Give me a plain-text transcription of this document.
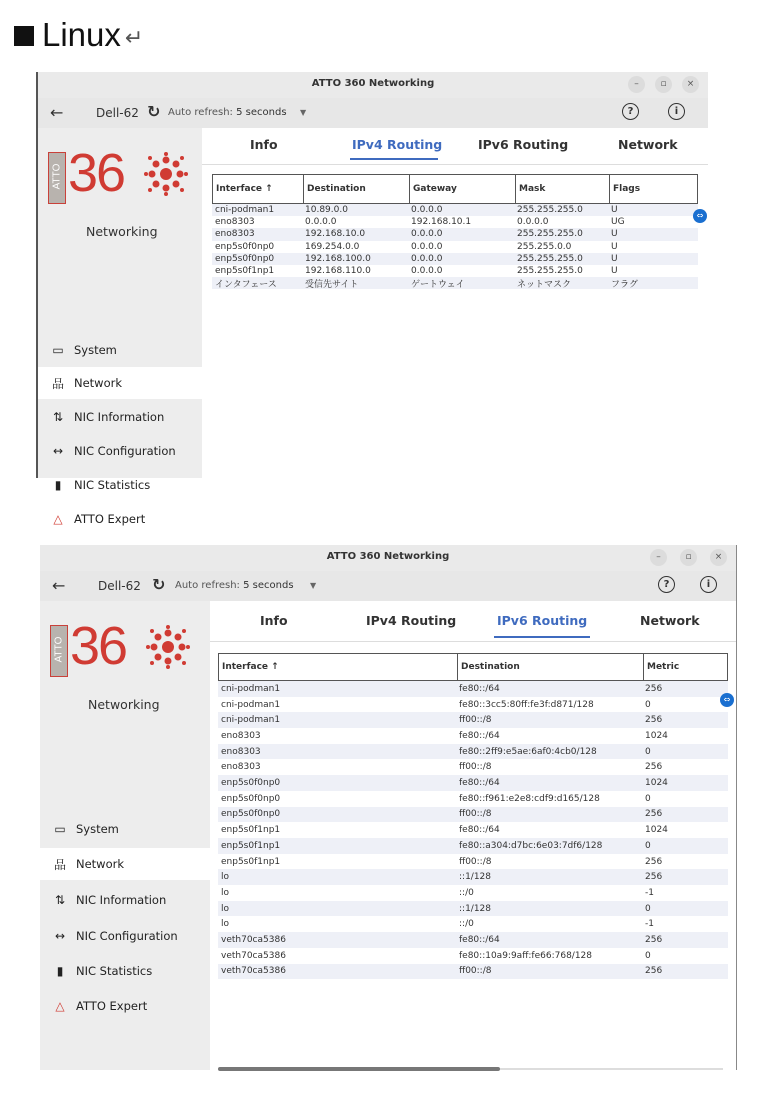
Linux ↵
ATTO 360 Networking	–	▫	×
←	Dell-62 ↻ Auto refresh: 5 seconds ▼	?	i
ATTO 36
Networking
▭ System
品 Network
⇅ NIC Information
↔ NIC Configuration
▮	NIC Statistics
△ ATTO Expert
Info	IPv4 Routing	IPv6 Routing	Network
Interface ↑	Destination	Gateway	Mask	Flags
cni-podman1	10.89.0.0	0.0.0.0	255.255.255.0	U
eno8303	0.0.0.0	192.168.10.1	0.0.0.0	UG
eno8303	192.168.10.0	0.0.0.0	255.255.255.0	U
enp5s0f0np0	169.254.0.0	0.0.0.0	255.255.0.0	U
enp5s0f0np0	192.168.100.0	0.0.0.0	255.255.255.0	U
enp5s0f1np1	192.168.110.0	0.0.0.0	255.255.255.0	U
インタフェース	受信先サイト	ゲートウェイ	ネットマスク	フラグ
⇔
ATTO 360 Networking	–	▫	×
←	Dell-62 ↻ Auto refresh: 5 seconds ▼	?	i
ATTO 36
Networking
▭ System
品 Network
⇅ NIC Information
↔ NIC Configuration
▮	NIC Statistics
△ ATTO Expert
Info	IPv4 Routing	IPv6 Routing	Network
Interface ↑	Destination	Metric
cni-podman1	fe80::/64	256
cni-podman1	fe80::3cc5:80ff:fe3f:d871/128	0
cni-podman1	ff00::/8	256
eno8303	fe80::/64	1024
eno8303	fe80::2ff9:e5ae:6af0:4cb0/128	0
eno8303	ff00::/8	256
enp5s0f0np0	fe80::/64	1024
enp5s0f0np0	fe80::f961:e2e8:cdf9:d165/128	0
enp5s0f0np0	ff00::/8	256
enp5s0f1np1	fe80::/64	1024
enp5s0f1np1	fe80::a304:d7bc:6e03:7df6/128	0
enp5s0f1np1	ff00::/8	256
lo	::1/128	256
lo	::/0	-1
lo	::1/128	0
lo	::/0	-1
veth70ca5386	fe80::/64	256
veth70ca5386	fe80::10a9:9aff:fe66:768/128	0
veth70ca5386	ff00::/8	256
⇔
